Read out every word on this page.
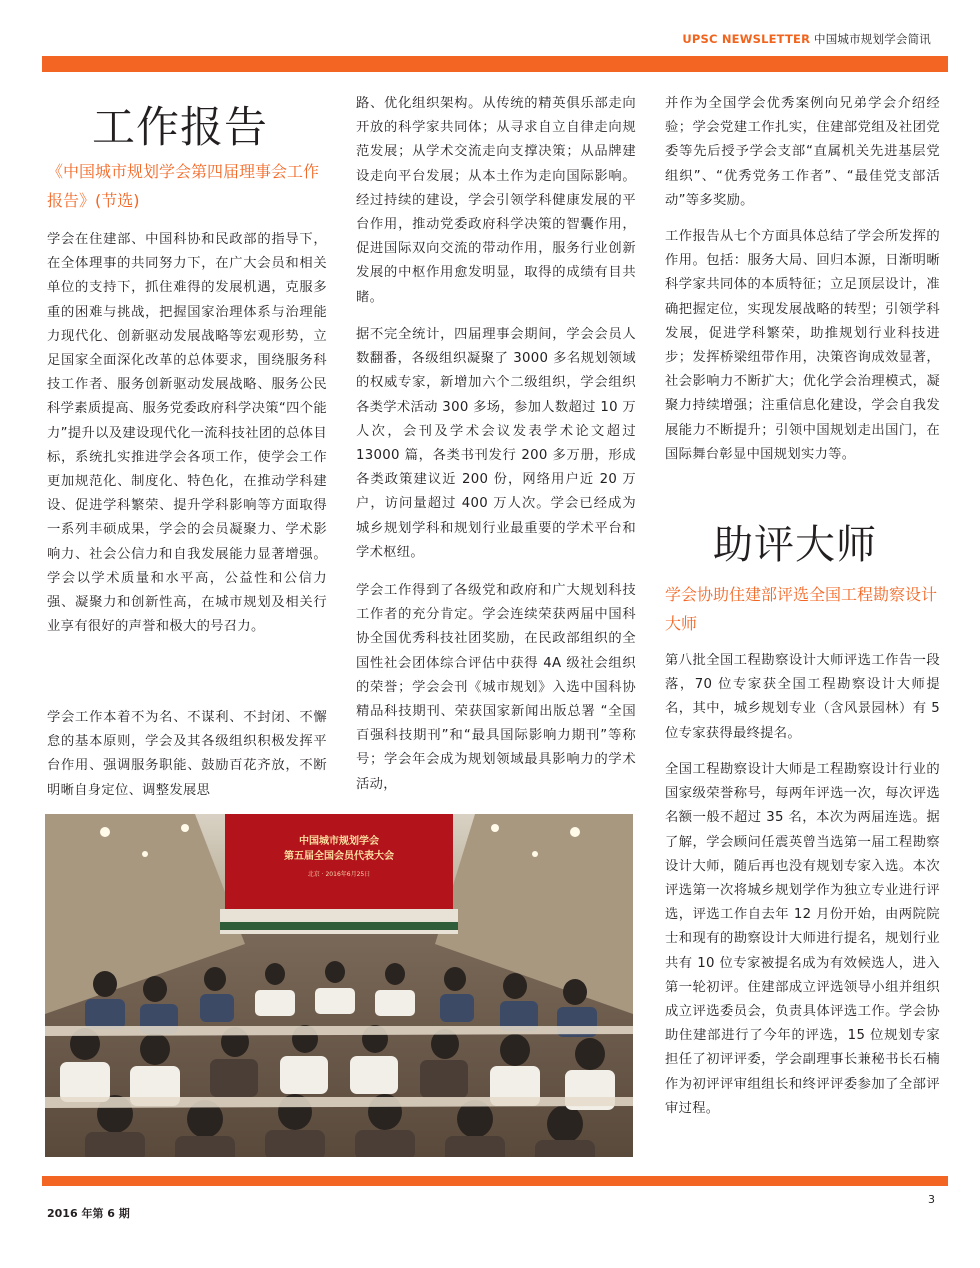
UPSC NEWSLETTER 中国城市规划学会简讯
工作报告

《中国城市规划学会第四届理事会工作报告》(节选)

学会在住建部、中国科协和民政部的指导下，在全体理事的共同努力下，在广大会员和相关单位的支持下，抓住难得的发展机遇，克服多重的困难与挑战，把握国家治理体系与治理能力现代化、创新驱动发展战略等宏观形势，立足国家全面深化改革的总体要求，围绕服务科技工作者、服务创新驱动发展战略、服务公民科学素质提高、服务党委政府科学决策“四个能力”提升以及建设现代化一流科技社团的总体目标，系统扎实推进学会各项工作，使学会工作更加规范化、制度化、特色化，在推动学科建设、促进学科繁荣、提升学科影响等方面取得一系列丰硕成果，学会的会员凝聚力、学术影响力、社会公信力和自我发展能力显著增强。学会以学术质量和水平高，公益性和公信力强、凝聚力和创新性高，在城市规划及相关行业享有很好的声誉和极大的号召力。

学会工作本着不为名、不谋利、不封闭、不懈怠的基本原则，学会及其各级组织积极发挥平台作用、强调服务职能、鼓励百花齐放，不断明晰自身定位、调整发展思

路、优化组织架构。从传统的精英俱乐部走向开放的科学家共同体；从寻求自立自律走向规范发展；从学术交流走向支撑决策；从品牌建设走向平台发展；从本土作为走向国际影响。经过持续的建设，学会引领学科健康发展的平台作用，推动党委政府科学决策的智囊作用，促进国际双向交流的带动作用，服务行业创新发展的中枢作用愈发明显，取得的成绩有目共睹。

据不完全统计，四届理事会期间，学会会员人数翻番，各级组织凝聚了 3000 多名规划领域的权威专家，新增加六个二级组织，学会组织各类学术活动 300 多场，参加人数超过 10 万人次，会刊及学术会议发表学术论文超过 13000 篇，各类书刊发行 200 多万册，形成各类政策建议近 200 份，网络用户近 20 万户，访问量超过 400 万人次。学会已经成为城乡规划学科和规划行业最重要的学术平台和学术枢纽。

学会工作得到了各级党和政府和广大规划科技工作者的充分肯定。学会连续荣获两届中国科协全国优秀科技社团奖励，在民政部组织的全国性社会团体综合评估中获得 4A 级社会组织的荣誉；学会会刊《城市规划》入选中国科协精品科技期刊、荣获国家新闻出版总署 “全国百强科技期刊”和“最具国际影响力期刊”等称号；学会年会成为规划领域最具影响力的学术活动，

并作为全国学会优秀案例向兄弟学会介绍经验；学会党建工作扎实，住建部党组及社团党委等先后授予学会支部“直属机关先进基层党组织”、“优秀党务工作者”、“最佳党支部活动”等多奖励。

工作报告从七个方面具体总结了学会所发挥的作用。包括：服务大局、回归本源，日渐明晰科学家共同体的本质特征；立足顶层设计，准确把握定位，实现发展战略的转型；引领学科发展，促进学科繁荣，助推规划行业科技进步；发挥桥梁纽带作用，决策咨询成效显著，社会影响力不断扩大；优化学会治理模式，凝聚力持续增强；注重信息化建设，学会自我发展能力不断提升；引领中国规划走出国门，在国际舞台彰显中国规划实力等。

助评大师

学会协助住建部评选全国工程勘察设计大师

第八批全国工程勘察设计大师评选工作告一段落，70 位专家获全国工程勘察设计大师提名，其中，城乡规划专业（含风景园林）有 5 位专家获得最终提名。

全国工程勘察设计大师是工程勘察设计行业的国家级荣誉称号，每两年评选一次，每次评选名额一般不超过 35 名，本次为两届连选。据了解，学会顾问任震英曾当选第一届工程勘察设计大师，随后再也没有规划专家入选。本次评选第一次将城乡规划学作为独立专业进行评选，评选工作自去年 12 月份开始，由两院院士和现有的勘察设计大师进行提名，规划行业共有 10 位专家被提名成为有效候选人，进入第一轮初评。住建部成立评选领导小组并组织成立评选委员会，负责具体评选工作。学会协助住建部进行了今年的评选，15 位规划专家担任了初评评委，学会副理事长兼秘书长石楠作为初评评审组组长和终评评委参加了全部评审过程。

中国城市规划学会
第五届全国会员代表大会
北京 · 2016年6月25日
2016 年第 6 期
3
